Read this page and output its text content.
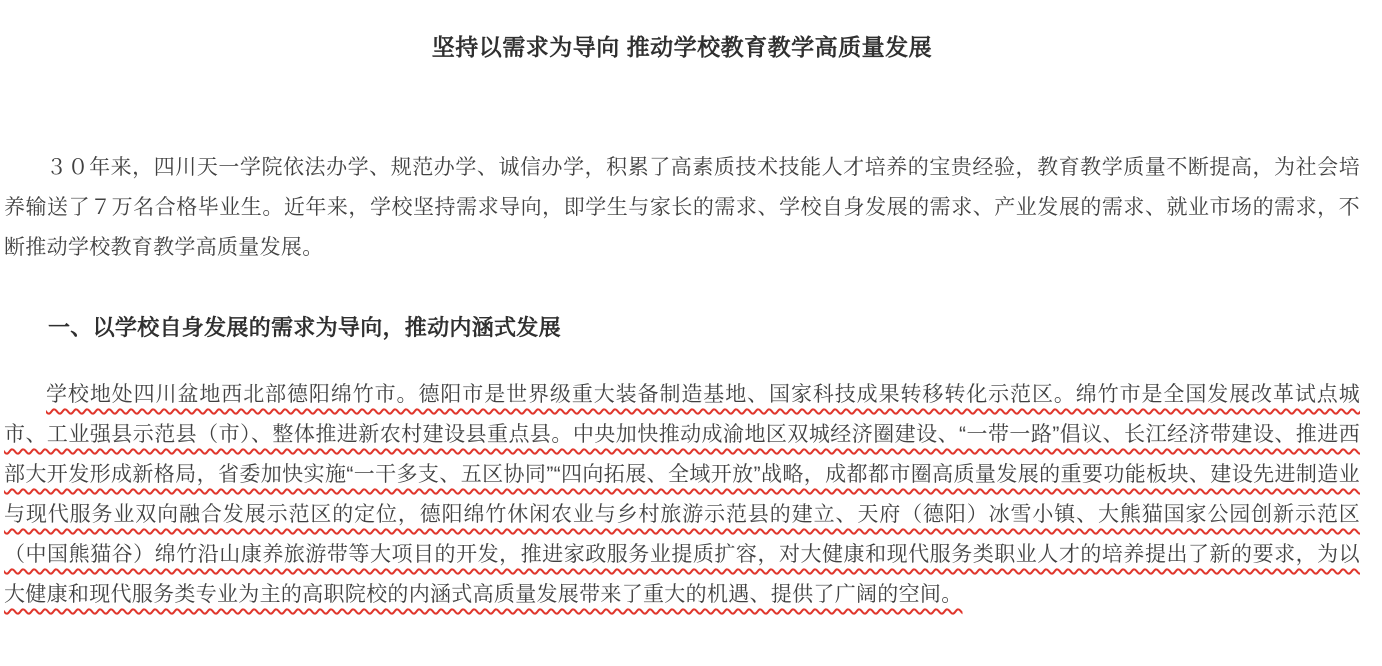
坚持以需求为导向 推动学校教育教学高质量发展

３０年来，四川天一学院依法办学、规范办学、诚信办学，积累了高素质技术技能人才培养的宝贵经验，教育教学质量不断提高，为社会培养输送了７万名合格毕业生。近年来，学校坚持需求导向，即学生与家长的需求、学校自身发展的需求、产业发展的需求、就业市场的需求，不断推动学校教育教学高质量发展。

一、以学校自身发展的需求为导向，推动内涵式发展

学校地处四川盆地西北部德阳绵竹市。德阳市是世界级重大装备制造基地、国家科技成果转移转化示范区。绵竹市是全国发展改革试点城市、工业强县示范县（市）、整体推进新农村建设县重点县。中央加快推动成渝地区双城经济圈建设、“一带一路”倡议、长江经济带建设、推进西部大开发形成新格局，省委加快实施“一干多支、五区协同”“四向拓展、全域开放”战略，成都都市圈高质量发展的重要功能板块、建设先进制造业与现代服务业双向融合发展示范区的定位，德阳绵竹休闲农业与乡村旅游示范县的建立、天府（德阳）冰雪小镇、大熊猫国家公园创新示范区（中国熊猫谷）绵竹沿山康养旅游带等大项目的开发，推进家政服务业提质扩容，对大健康和现代服务类职业人才的培养提出了新的要求，为以大健康和现代服务类专业为主的高职院校的内涵式高质量发展带来了重大的机遇、提供了广阔的空间。
